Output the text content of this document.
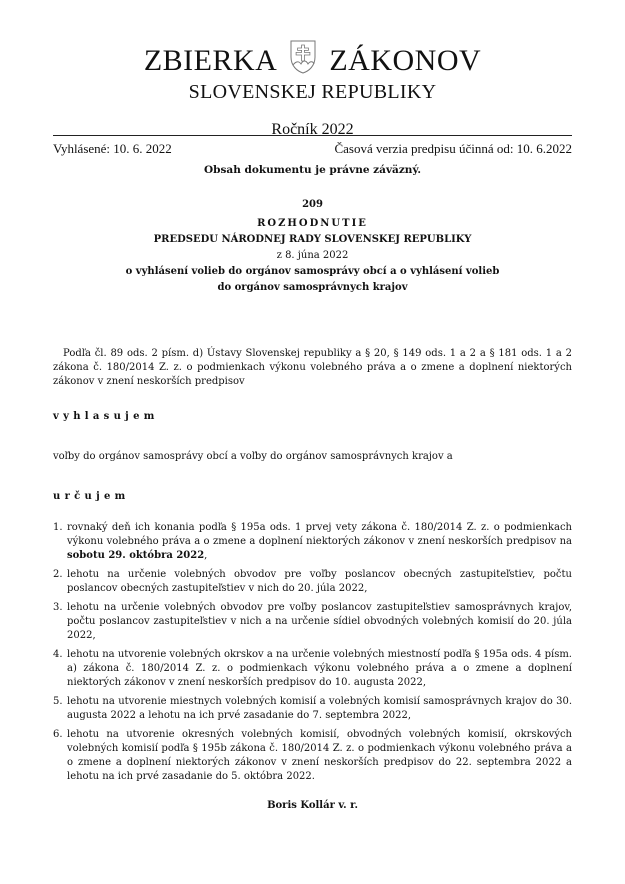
ZBIERKA ZÁKONOV
SLOVENSKEJ REPUBLIKY
Ročník 2022
Vyhlásené: 10. 6. 2022	Časová verzia predpisu účinná od: 10. 6.2022
Obsah dokumentu je právne záväzný.
209
ROZHODNUTIE
PREDSEDU NÁRODNEJ RADY SLOVENSKEJ REPUBLIKY
z 8. júna 2022
o vyhlásení volieb do orgánov samosprávy obcí a o vyhlásení volieb
do orgánov samosprávnych krajov
Podľa čl. 89 ods. 2 písm. d) Ústavy Slovenskej republiky a § 20, § 149 ods. 1 a 2 a § 181 ods. 1 a 2 zákona č. 180/2014 Z. z. o podmienkach výkonu volebného práva a o zmene a doplnení niektorých zákonov v znení neskorších predpisov
vyhlasujem
voľby do orgánov samosprávy obcí a voľby do orgánov samosprávnych krajov a
určujem
1. rovnaký deň ich konania podľa § 195a ods. 1 prvej vety zákona č. 180/2014 Z. z. o podmienkach výkonu volebného práva a o zmene a doplnení niektorých zákonov v znení neskorších predpisov na sobotu 29. októbra 2022,
2. lehotu na určenie volebných obvodov pre voľby poslancov obecných zastupiteľstiev, počtu poslancov obecných zastupiteľstiev v nich do 20. júla 2022,
3. lehotu na určenie volebných obvodov pre voľby poslancov zastupiteľstiev samosprávnych krajov, počtu poslancov zastupiteľstiev v nich a na určenie sídiel obvodných volebných komisií do 20. júla 2022,
4. lehotu na utvorenie volebných okrskov a na určenie volebných miestností podľa § 195a ods. 4 písm. a) zákona č. 180/2014 Z. z. o podmienkach výkonu volebného práva a o zmene a doplnení niektorých zákonov v znení neskorších predpisov do 10. augusta 2022,
5. lehotu na utvorenie miestnych volebných komisií a volebných komisií samosprávnych krajov do 30. augusta 2022 a lehotu na ich prvé zasadanie do 7. septembra 2022,
6. lehotu na utvorenie okresných volebných komisií, obvodných volebných komisií, okrskových volebných komisií podľa § 195b zákona č. 180/2014 Z. z. o podmienkach výkonu volebného práva a o zmene a doplnení niektorých zákonov v znení neskorších predpisov do 22. septembra 2022 a lehotu na ich prvé zasadanie do 5. októbra 2022.
Boris Kollár v. r.
